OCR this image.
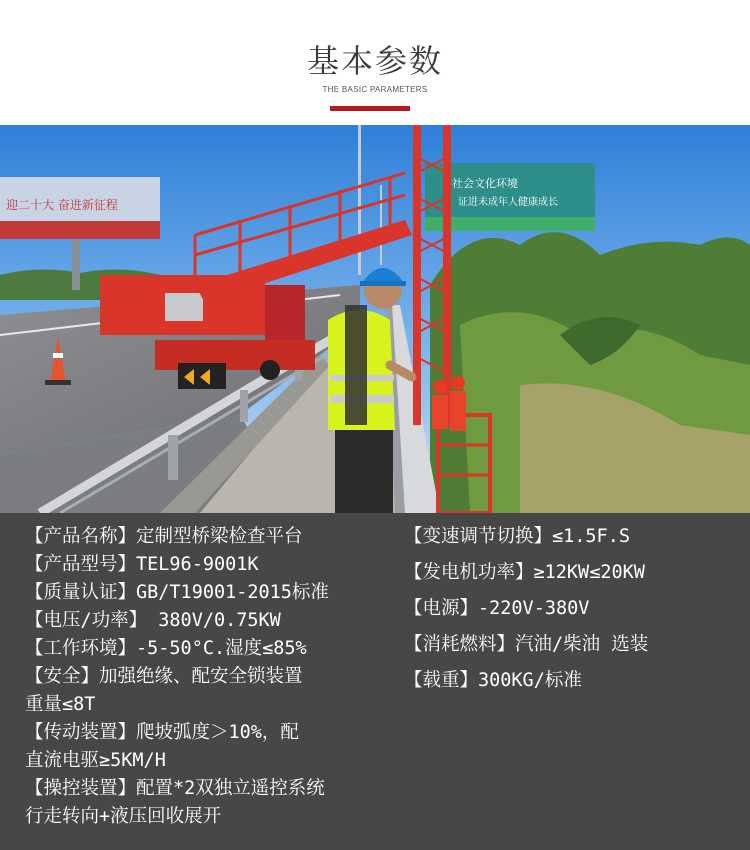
基本参数
THE BASIC PARAMETERS
迎二十大 奋进新征程
社会文化环境
证进未成年人健康成长
【产品名称】定制型桥梁检查平台
【产品型号】TEL96-9001K
【质量认证】GB/T19001-2015标准
【电压/功率】 380V/0.75KW
【工作环境】-5-50°C.湿度≤85%
【安全】加强绝缘、配安全锁装置
重量≤8T
【传动装置】爬坡弧度＞10%，配
直流电驱≥5KM/H
【操控装置】配置*2双独立遥控系统
行走转向+液压回收展开
【变速调节切换】≤1.5F.S
【发电机功率】≥12KW≤20KW
【电源】-220V-380V
【消耗燃料】汽油/柴油 选装
【载重】300KG/标准
